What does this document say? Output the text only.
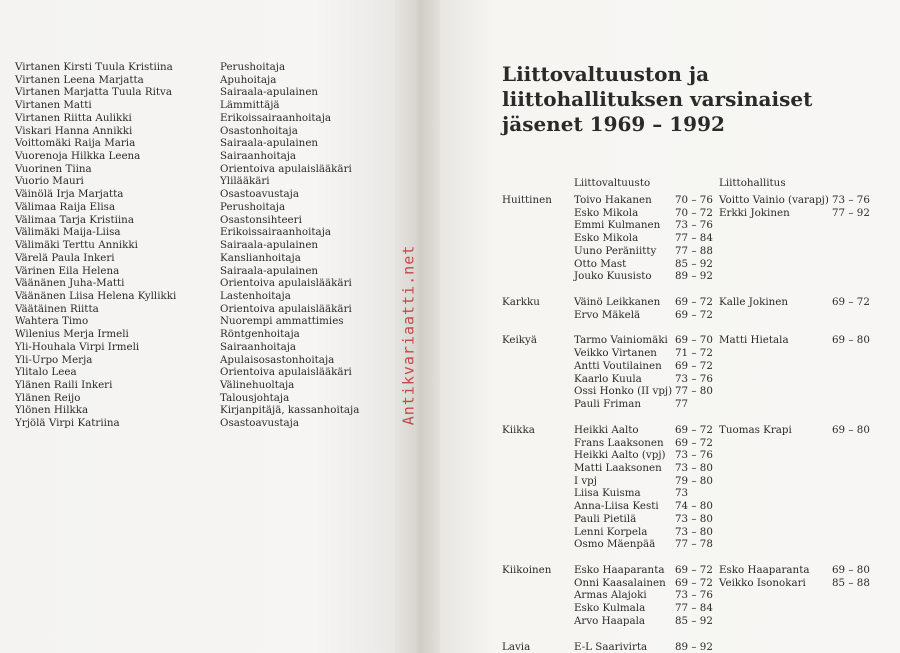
Antikvariaatti.net
Liittovaltuuston ja
liittohallituksen varsinaiset
jäsenet 1969 – 1992
Liittovaltuusto	Liittohallitus
Huittinen Toivo Hakanen 70 – 76 Voitto Vainio (varapj) 73 – 76
Esko Mikola	70 – 72 Erkki Jokinen	77 – 92
Emmi Kulmanen 73 – 76
Esko Mikola	77 – 84
Uuno Peräniitty 77 – 88
Otto Mast	85 – 92
Jouko Kuusisto 89 – 92
Karkku	Väinö Leikkanen 69 – 72 Kalle Jokinen	69 – 72
Ervo Mäkelä	69 – 72
Keikyä	Tarmo Vainiomäki 69 – 70 Matti Hietala	69 – 80
Veikko Virtanen 71 – 72
Antti Voutilainen 69 – 72
Kaarlo Kuula	73 – 76
Ossi Honko (II vpj) 77 – 80
Pauli Friman	77
Kiikka	Heikki Aalto	69 – 72 Tuomas Krapi	69 – 80
Frans Laaksonen 69 – 72
Heikki Aalto (vpj) 73 – 76
Matti Laaksonen 73 – 80
I vpj	79 – 80
Liisa Kuisma	73
Anna-Liisa Kesti 74 – 80
Pauli Pietilä	73 – 80
Lenni Korpela	73 – 80
Osmo Mäenpää 77 – 78
Kiikoinen Esko Haaparanta 69 – 72 Esko Haaparanta 69 – 80
Onni Kaasalainen 69 – 72 Veikko Isonokari	85 – 88
Armas Alajoki	73 – 76
Esko Kulmala	77 – 84
Arvo Haapala	85 – 92
Lavia	E-L Saarivirta	89 – 92
Virtanen Kirsti Tuula Kristiina	Perushoitaja
Virtanen Leena Marjatta	Apuhoitaja
Virtanen Marjatta Tuula Ritva	Sairaala-apulainen
Virtanen Matti	Lämmittäjä
Virtanen Riitta Aulikki	Erikoissairaanhoitaja
Viskari Hanna Annikki	Osastonhoitaja
Voittomäki Raija Maria	Sairaala-apulainen
Vuorenoja Hilkka Leena	Sairaanhoitaja
Vuorinen Tiina	Orientoiva apulaislääkäri
Vuorio Mauri	Ylilääkäri
Väinölä Irja Marjatta	Osastoavustaja
Välimaa Raija Elisa	Perushoitaja
Välimaa Tarja Kristiina	Osastonsihteeri
Välimäki Maija-Liisa	Erikoissairaanhoitaja
Välimäki Terttu Annikki	Sairaala-apulainen
Värelä Paula Inkeri	Kanslianhoitaja
Värinen Eila Helena	Sairaala-apulainen
Väänänen Juha-Matti	Orientoiva apulaislääkäri
Väänänen Liisa Helena Kyllikki	Lastenhoitaja
Väätäinen Riitta	Orientoiva apulaislääkäri
Wahtera Timo	Nuorempi ammattimies
Wilenius Merja Irmeli	Röntgenhoitaja
Yli-Houhala Virpi Irmeli	Sairaanhoitaja
Yli-Urpo Merja	Apulaisosastonhoitaja
Ylitalo Leea	Orientoiva apulaislääkäri
Ylänen Raili Inkeri	Välinehuoltaja
Ylänen Reijo	Talousjohtaja
Ylönen Hilkka	Kirjanpitäjä, kassanhoitaja
Yrjölä Virpi Katriina	Osastoavustaja
